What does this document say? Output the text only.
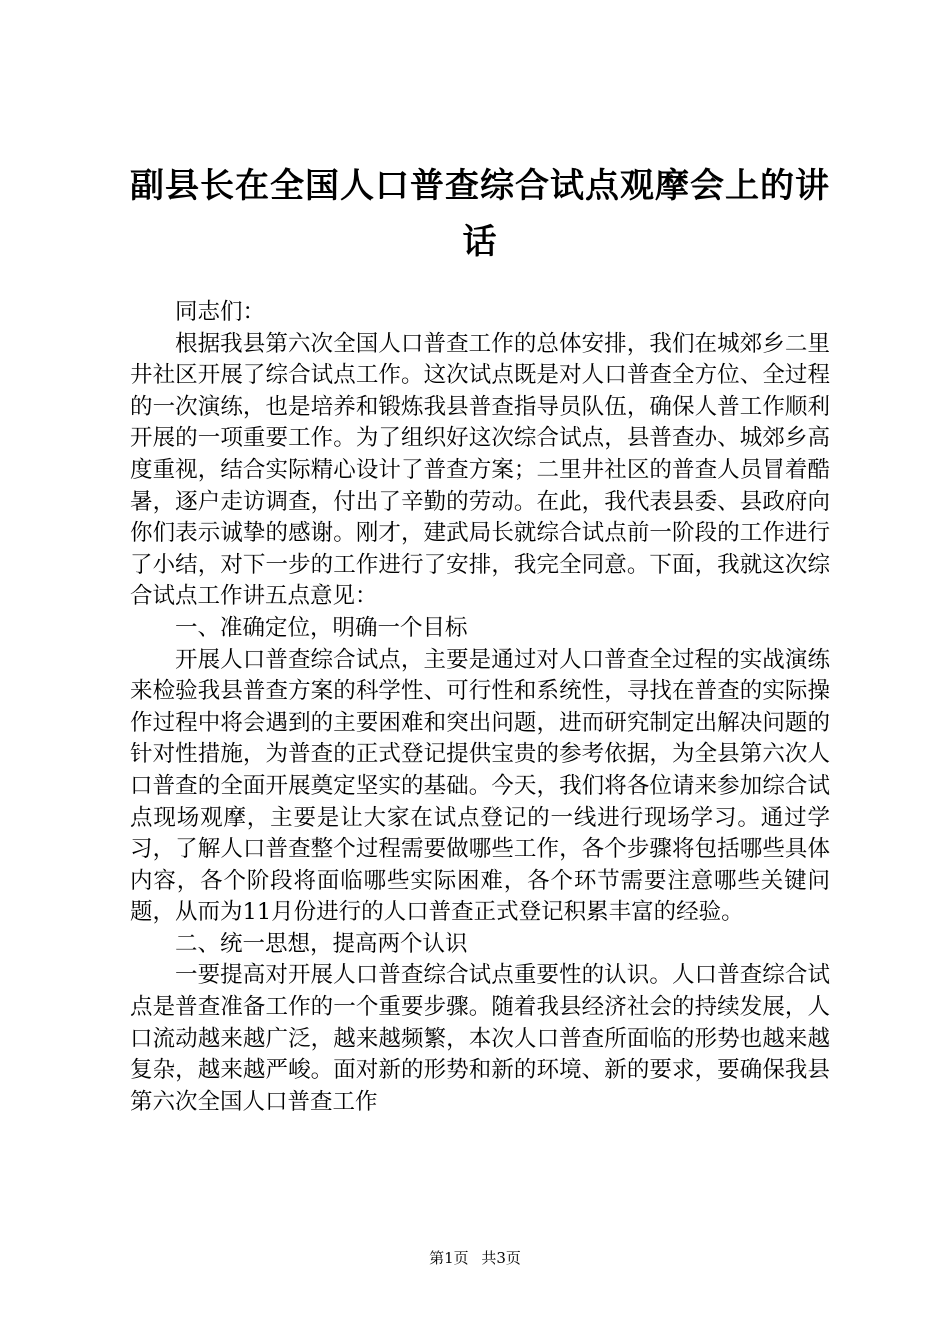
副县长在全国人口普查综合试点观摩会上的讲话

同志们：

根据我县第六次全国人口普查工作的总体安排，我们在城郊乡二里井社区开展了综合试点工作。这次试点既是对人口普查全方位、全过程的一次演练，也是培养和锻炼我县普查指导员队伍，确保人普工作顺利开展的一项重要工作。为了组织好这次综合试点，县普查办、城郊乡高度重视，结合实际精心设计了普查方案；二里井社区的普查人员冒着酷暑，逐户走访调查，付出了辛勤的劳动。在此，我代表县委、县政府向你们表示诚挚的感谢。刚才，建武局长就综合试点前一阶段的工作进行了小结，对下一步的工作进行了安排，我完全同意。下面，我就这次综合试点工作讲五点意见：

一、准确定位，明确一个目标

开展人口普查综合试点，主要是通过对人口普查全过程的实战演练来检验我县普查方案的科学性、可行性和系统性，寻找在普查的实际操作过程中将会遇到的主要困难和突出问题，进而研究制定出解决问题的针对性措施，为普查的正式登记提供宝贵的参考依据，为全县第六次人口普查的全面开展奠定坚实的基础。今天，我们将各位请来参加综合试点现场观摩，主要是让大家在试点登记的一线进行现场学习。通过学习，了解人口普查整个过程需要做哪些工作，各个步骤将包括哪些具体内容，各个阶段将面临哪些实际困难，各个环节需要注意哪些关键问题，从而为11月份进行的人口普查正式登记积累丰富的经验。

二、统一思想，提高两个认识

一要提高对开展人口普查综合试点重要性的认识。人口普查综合试点是普查准备工作的一个重要步骤。随着我县经济社会的持续发展，人口流动越来越广泛，越来越频繁，本次人口普查所面临的形势也越来越复杂，越来越严峻。面对新的形势和新的环境、新的要求，要确保我县第六次全国人口普查工作

第1页 共3页
